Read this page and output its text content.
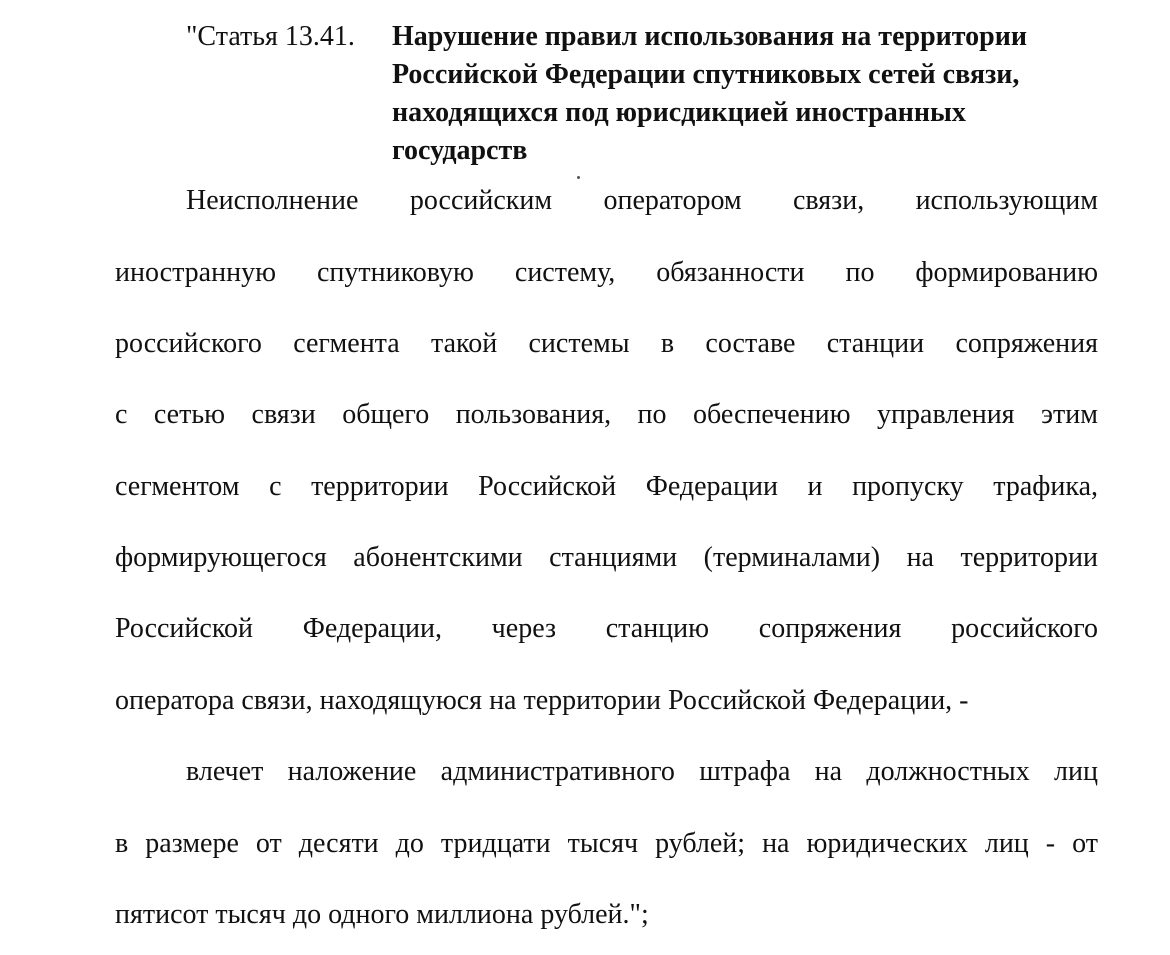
"Статья 13.41.	Нарушение правил использования на территории
Российской Федерации спутниковых сетей связи,
находящихся под юрисдикцией иностранных
государств
Неисполнение российским оператором связи, использующим
иностранную спутниковую систему, обязанности по формированию
российского сегмента такой системы в составе станции сопряжения
с сетью связи общего пользования, по обеспечению управления этим
сегментом с территории Российской Федерации и пропуску трафика,
формирующегося абонентскими станциями (терминалами) на территории
Российской Федерации, через станцию сопряжения российского
оператора связи, находящуюся на территории Российской Федерации, -
влечет наложение административного штрафа на должностных лиц
в размере от десяти до тридцати тысяч рублей; на юридических лиц - от
пятисот тысяч до одного миллиона рублей.";
